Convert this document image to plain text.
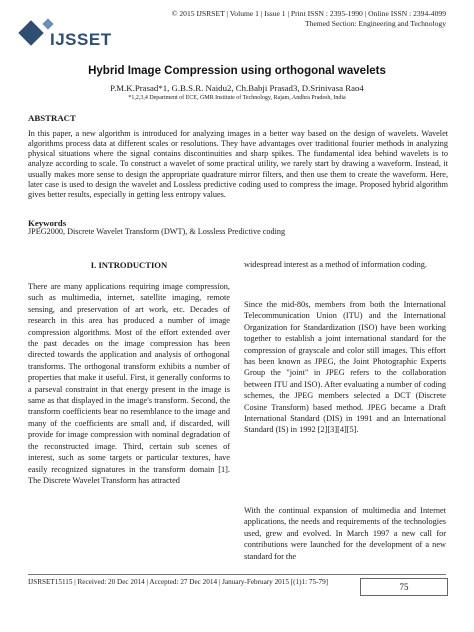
IJSSET
© 2015 IJSRSET | Volume 1 | Issue 1 | Print ISSN : 2395-1990 | Online ISSN : 2394-4099
Themed Section: Engineering and Technology
Hybrid Image Compression using orthogonal wavelets
P.M.K.Prasad*1, G.B.S.R. Naidu2, Ch.Babji Prasad3, D.Srinivasa Rao4
*1,2,3,4 Department of ECE, GMR Institute of Technology, Rajam, Andhra Pradesh, India
ABSTRACT
In this paper, a new algorithm is introduced for analyzing images in a better way based on the design of wavelets. Wavelet algorithms process data at different scales or resolutions. They have advantages over traditional fourier methods in analyzing physical situations where the signal contains discontinuities and sharp spikes. The fundamental idea behind wavelets is to analyze according to scale. To construct a wavelet of some practical utility, we rarely start by drawing a waveform. Instead, it usually makes more sense to design the appropriate quadrature mirror filters, and then use them to create the waveform. Here, later case is used to design the wavelet and Lossless predictive coding used to compress the image. Proposed hybrid algorithm gives better results, especially in getting less entropy values.
Keywords
JPEG2000, Discrete Wavelet Transform (DWT), & Lossless Predictive coding
I. INTRODUCTION

There are many applications requiring image compression, such as multimedia, internet, satellite imaging, remote sensing, and preservation of art work, etc. Decades of research in this area has produced a number of image compression algorithms. Most of the effort extended over the past decades on the image compression has been directed towards the application and analysis of orthogonal transforms. The orthogonal transform exhibits a number of properties that make it useful. First, it generally conforms to a parseval constraint in that energy present in the image is same as that displayed in the image's transform. Second, the transform coefficients bear no resemblance to the image and many of the coefficients are small and, if discarded, will provide for image compression with nominal degradation of the reconstructed image. Third, certain sub scenes of interest, such as some targets or particular textures, have easily recognized signatures in the transform domain [1]. The Discrete Wavelet Transform has attracted

widespread interest as a method of information coding.
Since the mid-80s, members from both the International Telecommunication Union (ITU) and the International Organization for Standardization (ISO) have been working together to establish a joint international standard for the compression of grayscale and color still images. This effort has been known as JPEG, the Joint Photographic Experts Group the "joint" in JPEG refers to the collaboration between ITU and ISO). After evaluating a number of coding schemes, the JPEG members selected a DCT (Discrete Cosine Transform) based method. JPEG became a Draft International Standard (DIS) in 1991 and an International Standard (IS) in 1992 [2][3][4][5].
With the continual expansion of multimedia and Internet applications, the needs and requirements of the technologies used, grew and evolved. In March 1997 a new call for contributions were launched for the development of a new standard for the
IJSRSET15115 | Received: 20 Dec 2014 | Accepted: 27 Dec 2014 | January-February 2015 [(1)1: 75-79]	75
